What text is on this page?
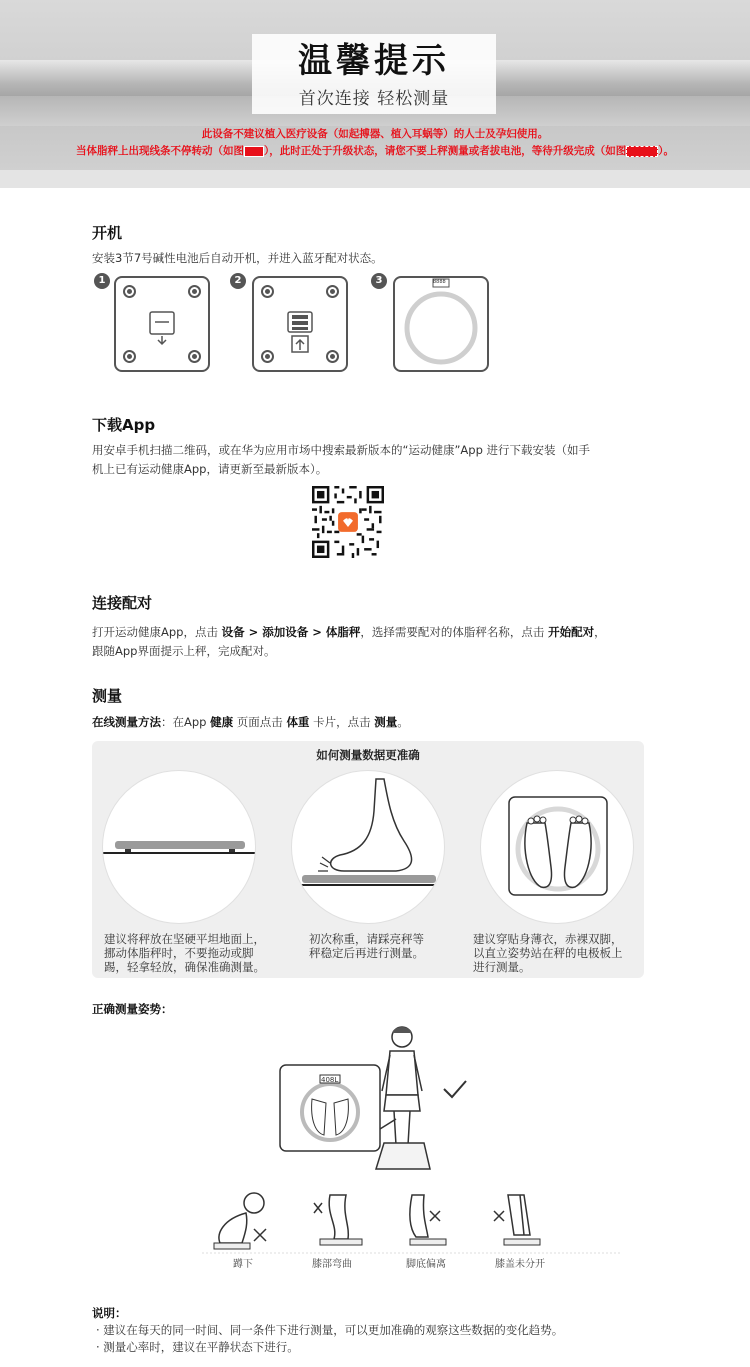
温馨提示
首次连接 轻松测量
此设备不建议植入医疗设备（如起搏器、植入耳蜗等）的人士及孕妇使用。
当体脂秤上出现线条不停转动（如图 ），此时正处于升级状态，请您不要上秤测量或者拔电池，等待升级完成（如图	）。
开机
安装3节7号碱性电池后自动开机，并进入蓝牙配对状态。
1	2	3	8888
下载App
用安卓手机扫描二维码，或在华为应用市场中搜索最新版本的“运动健康”App 进行下载安装（如手
机上已有运动健康App，请更新至最新版本）。
连接配对
打开运动健康App，点击 设备 > 添加设备 > 体脂秤，选择需要配对的体脂秤名称，点击 开始配对，
跟随App界面提示上秤，完成配对。
测量
在线测量方法：在App 健康 页面点击 体重 卡片，点击 测量。
如何测量数据更准确
建议将秤放在坚硬平坦地面上，
挪动体脂秤时，不要拖动或脚
踢，轻拿轻放，确保准确测量。
初次称重，请踩亮秤等
秤稳定后再进行测量。
建议穿贴身薄衣，赤裸双脚，
以直立姿势站在秤的电极板上
进行测量。
正确测量姿势：
408L
蹲下	膝部弯曲	脚底偏离	膝盖未分开
说明：
· 建议在每天的同一时间、同一条件下进行测量，可以更加准确的观察这些数据的变化趋势。
· 测量心率时，建议在平静状态下进行。
